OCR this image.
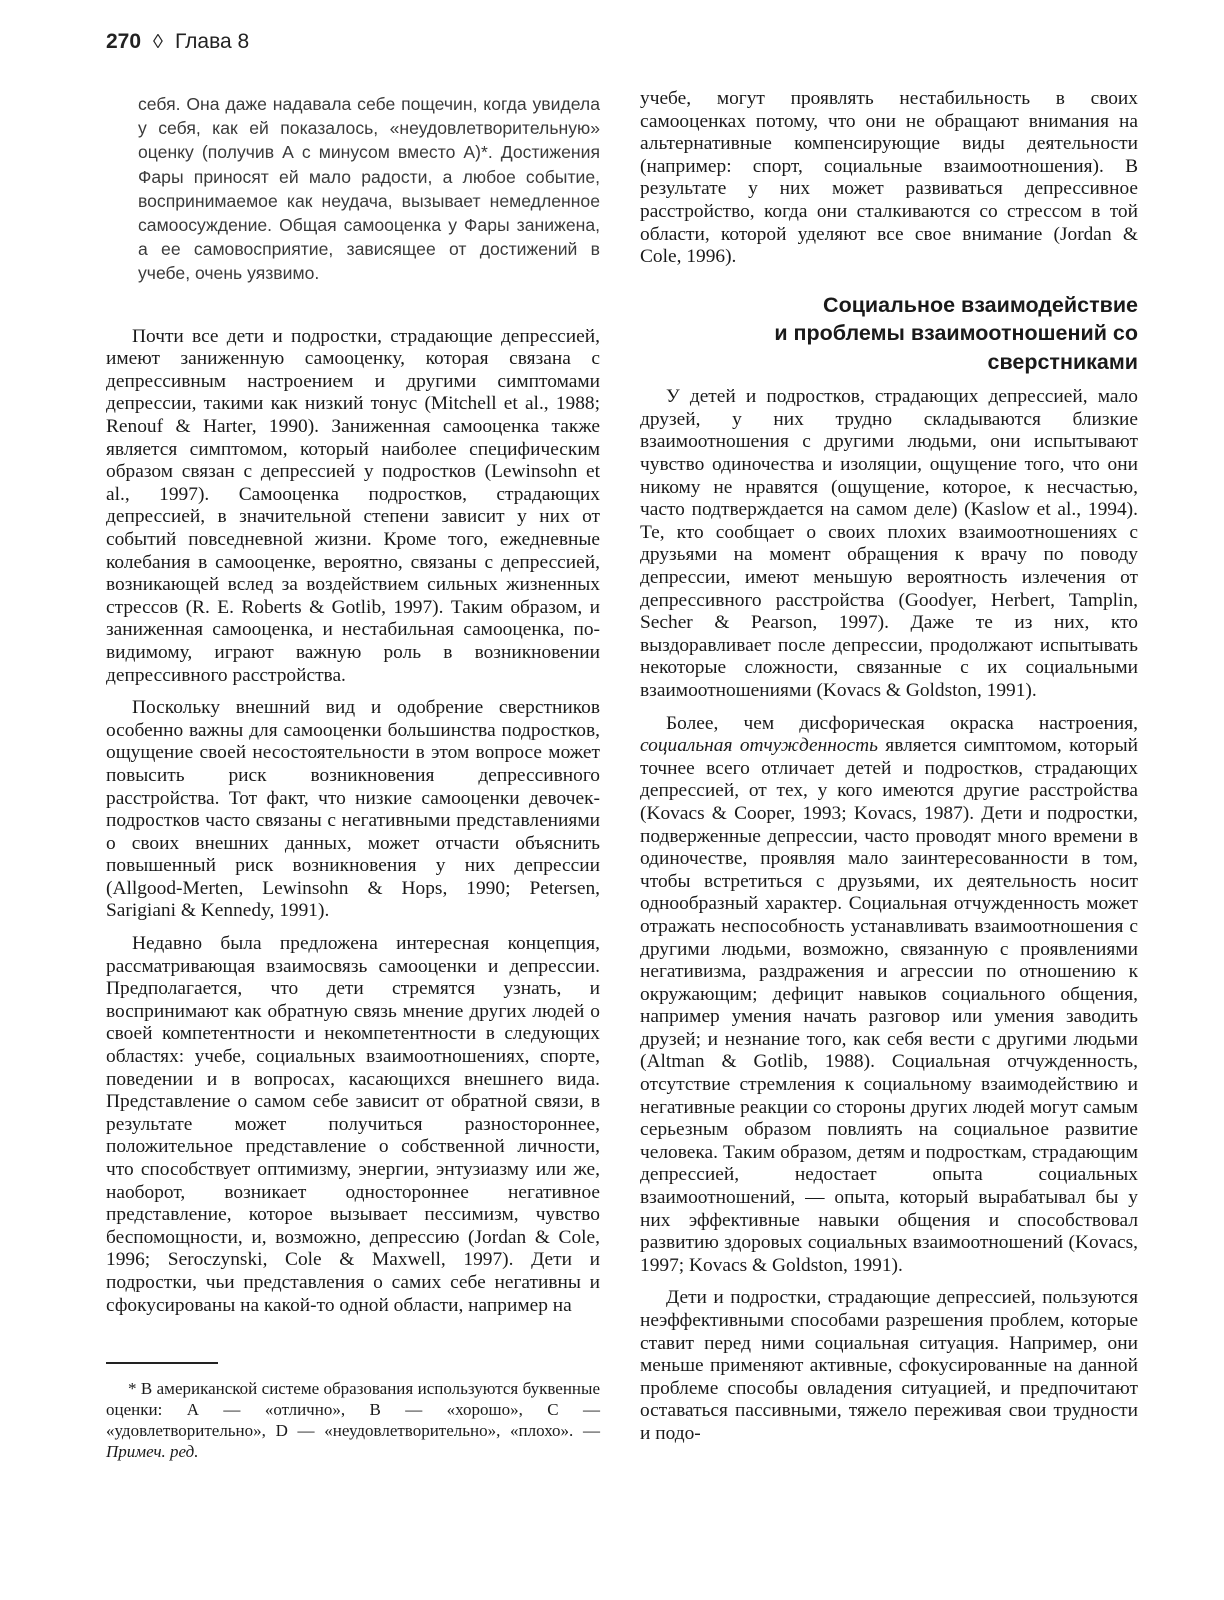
270 ◊ Глава 8
себя. Она даже надавала себе пощечин, когда увидела у себя, как ей показалось, «неудовлетворительную» оценку (получив А с минусом вместо А)*. Достижения Фары приносят ей мало радости, а любое событие, воспринимаемое как неудача, вызывает немедленное самоосуждение. Общая самооценка у Фары занижена, а ее самовосприятие, зависящее от достижений в учебе, очень уязвимо.

Почти все дети и подростки, страдающие депрессией, имеют заниженную самооценку, которая связана с депрессивным настроением и другими симптомами депрессии, такими как низкий тонус (Mitchell et al., 1988; Renouf & Harter, 1990). Заниженная самооценка также является симптомом, который наиболее специфическим образом связан с депрессией у подростков (Lewinsohn et al., 1997). Самооценка подростков, страдающих депрессией, в значительной степени зависит у них от событий повседневной жизни. Кроме того, ежедневные колебания в самооценке, вероятно, связаны с депрессией, возникающей вслед за воздействием сильных жизненных стрессов (R. E. Roberts & Gotlib, 1997). Таким образом, и заниженная самооценка, и нестабильная самооценка, по-видимому, играют важную роль в возникновении депрессивного расстройства.

Поскольку внешний вид и одобрение сверстников особенно важны для самооценки большинства подростков, ощущение своей несостоятельности в этом вопросе может повысить риск возникновения депрессивного расстройства. Тот факт, что низкие самооценки девочек-подростков часто связаны с негативными представлениями о своих внешних данных, может отчасти объяснить повышенный риск возникновения у них депрессии (Allgood-Merten, Lewinsohn & Hops, 1990; Petersen, Sarigiani & Kennedy, 1991).

Недавно была предложена интересная концепция, рассматривающая взаимосвязь самооценки и депрессии. Предполагается, что дети стремятся узнать, и воспринимают как обратную связь мнение других людей о своей компетентности и некомпетентности в следующих областях: учебе, социальных взаимоотношениях, спорте, поведении и в вопросах, касающихся внешнего вида. Представление о самом себе зависит от обратной связи, в результате может получиться разностороннее, положительное представление о собственной личности, что способствует оптимизму, энергии, энтузиазму или же, наоборот, возникает одностороннее негативное представление, которое вызывает пессимизм, чувство беспомощности, и, возможно, депрессию (Jordan & Cole, 1996; Seroczynski, Cole & Maxwell, 1997). Дети и подростки, чьи представления о самих себе негативны и сфокусированы на какой-то одной области, например на

* В американской системе образования используются буквенные оценки: А — «отлично», В — «хорошо», С — «удовлетворительно», D — «неудовлетворительно», «плохо». — Примеч. ред.

учебе, могут проявлять нестабильность в своих самооценках потому, что они не обращают внимания на альтернативные компенсирующие виды деятельности (например: спорт, социальные взаимоотношения). В результате у них может развиваться депрессивное расстройство, когда они сталкиваются со стрессом в той области, которой уделяют все свое внимание (Jordan & Cole, 1996).

Социальное взаимодействие
и проблемы взаимоотношений со
сверстниками

У детей и подростков, страдающих депрессией, мало друзей, у них трудно складываются близкие взаимоотношения с другими людьми, они испытывают чувство одиночества и изоляции, ощущение того, что они никому не нравятся (ощущение, которое, к несчастью, часто подтверждается на самом деле) (Kaslow et al., 1994). Те, кто сообщает о своих плохих взаимоотношениях с друзьями на момент обращения к врачу по поводу депрессии, имеют меньшую вероятность излечения от депрессивного расстройства (Goodyer, Herbert, Tamplin, Secher & Pearson, 1997). Даже те из них, кто выздоравливает после депрессии, продолжают испытывать некоторые сложности, связанные с их социальными взаимоотношениями (Kovacs & Goldston, 1991).

Более, чем дисфорическая окраска настроения, социальная отчужденность является симптомом, который точнее всего отличает детей и подростков, страдающих депрессией, от тех, у кого имеются другие расстройства (Kovacs & Cooper, 1993; Kovacs, 1987). Дети и подростки, подверженные депрессии, часто проводят много времени в одиночестве, проявляя мало заинтересованности в том, чтобы встретиться с друзьями, их деятельность носит однообразный характер. Социальная отчужденность может отражать неспособность устанавливать взаимоотношения с другими людьми, возможно, связанную с проявлениями негативизма, раздражения и агрессии по отношению к окружающим; дефицит навыков социального общения, например умения начать разговор или умения заводить друзей; и незнание того, как себя вести с другими людьми (Altman & Gotlib, 1988). Социальная отчужденность, отсутствие стремления к социальному взаимодействию и негативные реакции со стороны других людей могут самым серьезным образом повлиять на социальное развитие человека. Таким образом, детям и подросткам, страдающим депрессией, недостает опыта социальных взаимоотношений, — опыта, который вырабатывал бы у них эффективные навыки общения и способствовал развитию здоровых социальных взаимоотношений (Kovacs, 1997; Kovacs & Goldston, 1991).

Дети и подростки, страдающие депрессией, пользуются неэффективными способами разрешения проблем, которые ставит перед ними социальная ситуация. Например, они меньше применяют активные, сфокусированные на данной проблеме способы овладения ситуацией, и предпочитают оставаться пассивными, тяжело переживая свои трудности и подо-
